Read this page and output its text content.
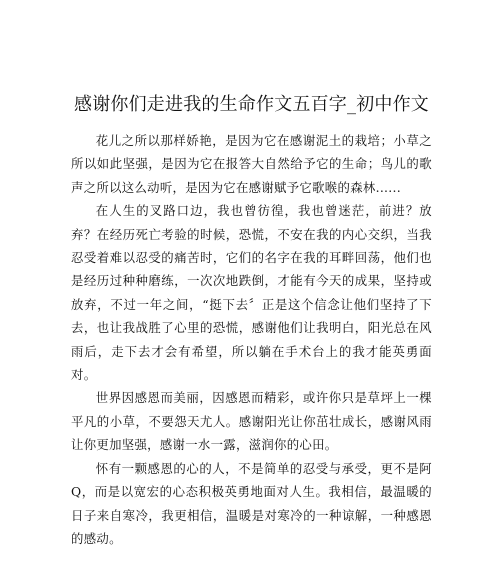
感谢你们走进我的生命作文五百字_初中作文

花儿之所以那样娇艳，是因为它在感谢泥土的栽培；小草之所以如此坚强，是因为它在报答大自然给予它的生命；鸟儿的歌声之所以这么动听，是因为它在感谢赋予它歌喉的森林......

在人生的叉路口边，我也曾彷徨，我也曾迷茫，前进？放弃？在经历死亡考验的时候，恐慌，不安在我的内心交织，当我忍受着难以忍受的痛苦时，它们的名字在我的耳畔回荡，他们也是经历过种种磨练，一次次地跌倒，才能有今天的成果，坚持或放弃，不过一年之间，“挺下去〞正是这个信念让他们坚持了下去，也让我战胜了心里的恐慌，感谢他们让我明白，阳光总在风雨后，走下去才会有希望，所以躺在手术台上的我才能英勇面对。

世界因感恩而美丽，因感恩而精彩，或许你只是草坪上一棵平凡的小草，不要怨天尤人。感谢阳光让你茁壮成长，感谢风雨让你更加坚强，感谢一水一露，滋润你的心田。

怀有一颗感恩的心的人，不是简单的忍受与承受，更不是阿Q，而是以宽宏的心态积极英勇地面对人生。我相信，最温暖的日子来自寒冷，我更相信，温暖是对寒冷的一种谅解，一种感恩的感动。
